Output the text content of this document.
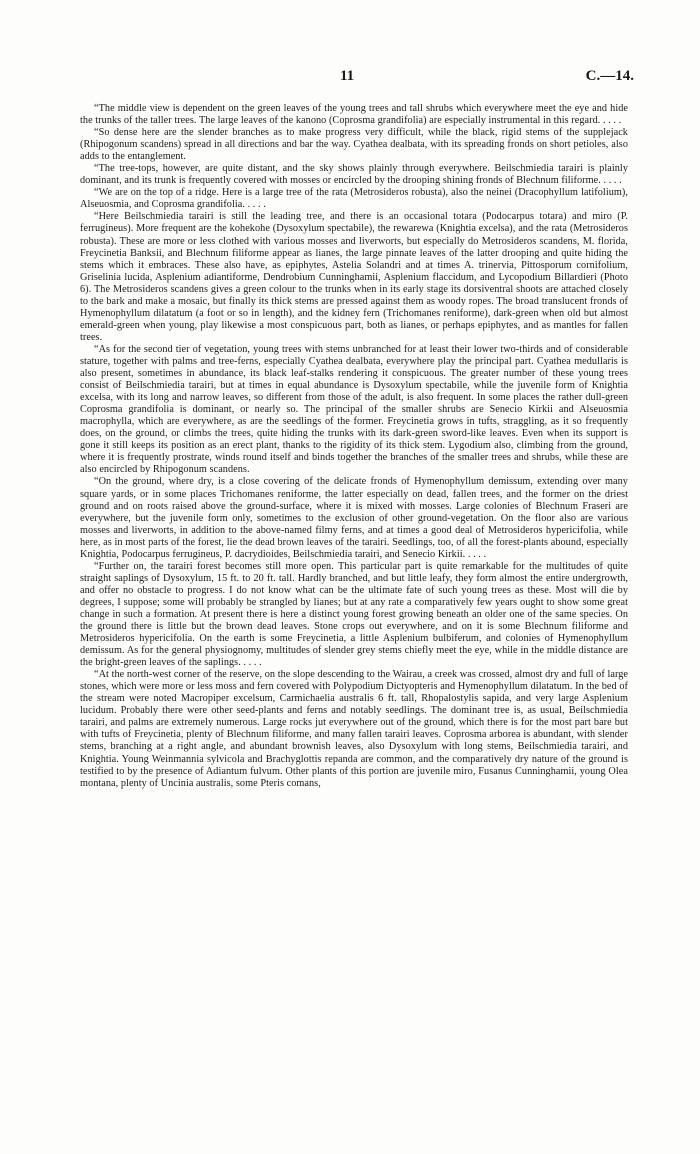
11	C.—14.

“The middle view is dependent on the green leaves of the young trees and tall shrubs which everywhere meet the eye and hide the trunks of the taller trees. The large leaves of the kanono (Coprosma grandifolia) are especially instrumental in this regard. . . . .

“So dense here are the slender branches as to make progress very difficult, while the black, rigid stems of the supplejack (Rhipogonum scandens) spread in all directions and bar the way. Cyathea dealbata, with its spreading fronds on short petioles, also adds to the entanglement.

“The tree-tops, however, are quite distant, and the sky shows plainly through everywhere. Beilschmiedia tarairi is plainly dominant, and its trunk is frequently covered with mosses or encircled by the drooping shining fronds of Blechnum filiforme. . . . .

“We are on the top of a ridge. Here is a large tree of the rata (Metrosideros robusta), also the neinei (Dracophyllum latifolium), Alseuosmia, and Coprosma grandifolia. . . . .

“Here Beilschmiedia tarairi is still the leading tree, and there is an occasional totara (Podocarpus totara) and miro (P. ferrugineus). More frequent are the kohekohe (Dysoxylum spectabile), the rewarewa (Knightia excelsa), and the rata (Metrosideros robusta). These are more or less clothed with various mosses and liverworts, but especially do Metrosideros scandens, M. florida, Freycinetia Banksii, and Blechnum filiforme appear as lianes, the large pinnate leaves of the latter drooping and quite hiding the stems which it embraces. These also have, as epiphytes, Astelia Solandri and at times A. trinervia, Pittosporum cornifolium, Griselinia lucida, Asplenium adiantiforme, Dendrobium Cunninghamii, Asplenium flaccidum, and Lycopodium Billardieri (Photo 6). The Metrosideros scandens gives a green colour to the trunks when in its early stage its dorsiventral shoots are attached closely to the bark and make a mosaic, but finally its thick stems are pressed against them as woody ropes. The broad translucent fronds of Hymenophyllum dilatatum (a foot or so in length), and the kidney fern (Trichomanes reniforme), dark-green when old but almost emerald-green when young, play likewise a most conspicuous part, both as lianes, or perhaps epiphytes, and as mantles for fallen trees.

“As for the second tier of vegetation, young trees with stems unbranched for at least their lower two-thirds and of considerable stature, together with palms and tree-ferns, especially Cyathea dealbata, everywhere play the principal part. Cyathea medullaris is also present, sometimes in abundance, its black leaf-stalks rendering it conspicuous. The greater number of these young trees consist of Beilschmiedia tarairi, but at times in equal abundance is Dysoxylum spectabile, while the juvenile form of Knightia excelsa, with its long and narrow leaves, so different from those of the adult, is also frequent. In some places the rather dull-green Coprosma grandifolia is dominant, or nearly so. The principal of the smaller shrubs are Senecio Kirkii and Alseuosmia macrophylla, which are everywhere, as are the seedlings of the former. Freycinetia grows in tufts, straggling, as it so frequently does, on the ground, or climbs the trees, quite hiding the trunks with its dark-green sword-like leaves. Even when its support is gone it still keeps its position as an erect plant, thanks to the rigidity of its thick stem. Lygodium also, climbing from the ground, where it is frequently prostrate, winds round itself and binds together the branches of the smaller trees and shrubs, while these are also encircled by Rhipogonum scandens.

“On the ground, where dry, is a close covering of the delicate fronds of Hymenophyllum demissum, extending over many square yards, or in some places Trichomanes reniforme, the latter especially on dead, fallen trees, and the former on the driest ground and on roots raised above the ground-surface, where it is mixed with mosses. Large colonies of Blechnum Fraseri are everywhere, but the juvenile form only, sometimes to the exclusion of other ground-vegetation. On the floor also are various mosses and liverworts, in addition to the above-named filmy ferns, and at times a good deal of Metrosideros hypericifolia, while here, as in most parts of the forest, lie the dead brown leaves of the tarairi. Seedlings, too, of all the forest-plants abound, especially Knightia, Podocarpus ferrugineus, P. dacrydioides, Beilschmiedia tarairi, and Senecio Kirkii. . . . .

“Further on, the tarairi forest becomes still more open. This particular part is quite remarkable for the multitudes of quite straight saplings of Dysoxylum, 15 ft. to 20 ft. tall. Hardly branched, and but little leafy, they form almost the entire undergrowth, and offer no obstacle to progress. I do not know what can be the ultimate fate of such young trees as these. Most will die by degrees, I suppose; some will probably be strangled by lianes; but at any rate a comparatively few years ought to show some great change in such a formation. At present there is here a distinct young forest growing beneath an older one of the same species. On the ground there is little but the brown dead leaves. Stone crops out everywhere, and on it is some Blechnum filiforme and Metrosideros hypericifolia. On the earth is some Freycinetia, a little Asplenium bulbiferum, and colonies of Hymenophyllum demissum. As for the general physiognomy, multitudes of slender grey stems chiefly meet the eye, while in the middle distance are the bright-green leaves of the saplings. . . . .

“At the north-west corner of the reserve, on the slope descending to the Wairau, a creek was crossed, almost dry and full of large stones, which were more or less moss and fern covered with Polypodium Dictyopteris and Hymenophyllum dilatatum. In the bed of the stream were noted Macropiper excelsum, Carmichaelia australis 6 ft. tall, Rhopalostylis sapida, and very large Asplenium lucidum. Probably there were other seed-plants and ferns and notably seedlings. The dominant tree is, as usual, Beilschmiedia tarairi, and palms are extremely numerous. Large rocks jut everywhere out of the ground, which there is for the most part bare but with tufts of Freycinetia, plenty of Blechnum filiforme, and many fallen tarairi leaves. Coprosma arborea is abundant, with slender stems, branching at a right angle, and abundant brownish leaves, also Dysoxylum with long stems, Beilschmiedia tarairi, and Knightia. Young Weinmannia sylvicola and Brachyglottis repanda are common, and the comparatively dry nature of the ground is testified to by the presence of Adiantum fulvum. Other plants of this portion are juvenile miro, Fusanus Cunninghamii, young Olea montana, plenty of Uncinia australis, some Pteris comans,
